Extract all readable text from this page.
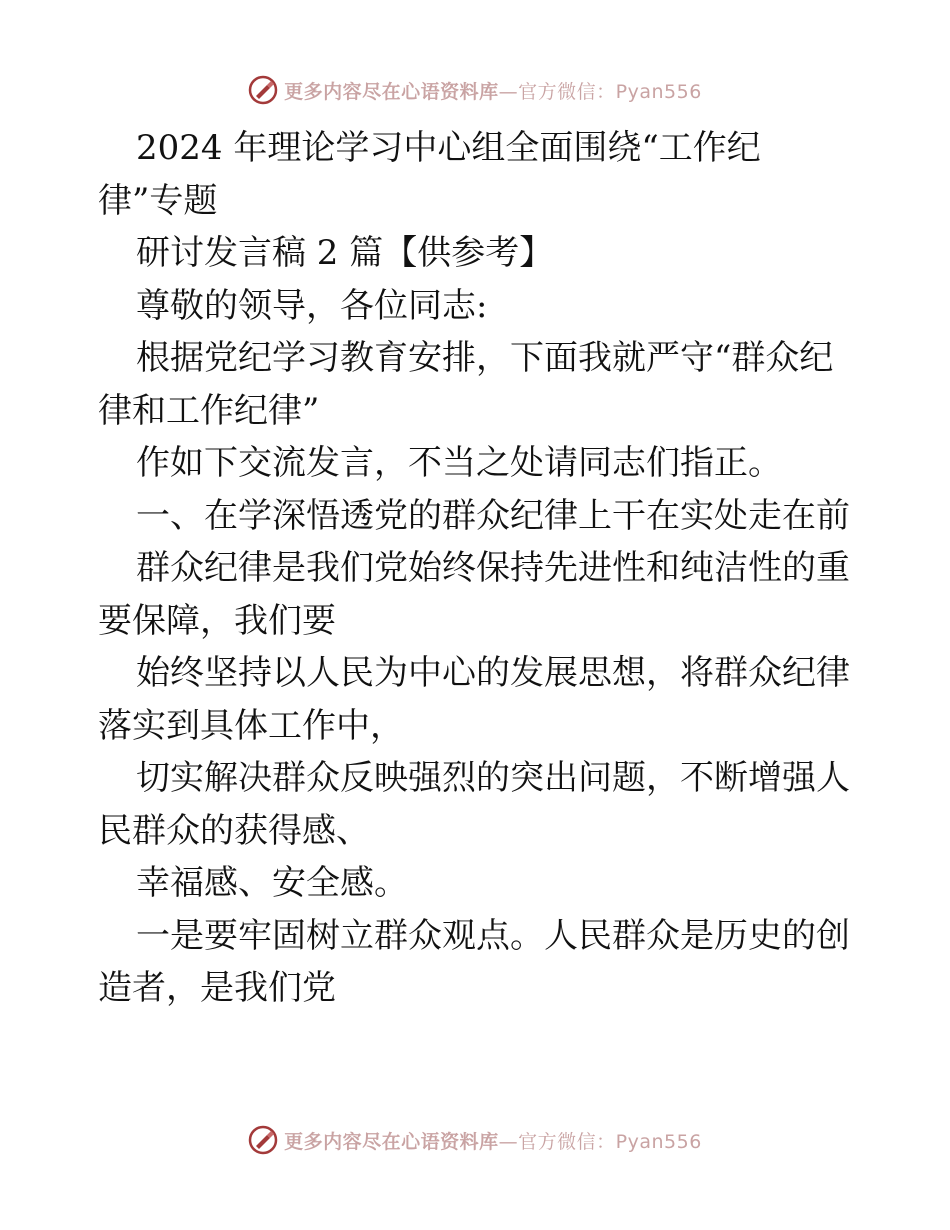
更多内容尽在心语资料库 —官方微信：Pyan556
2024 年理论学习中心组全面围绕“工作纪
律”专题
研讨发言稿 2 篇【供参考】
尊敬的领导，各位同志:
根据党纪学习教育安排，下面我就严守“群众纪
律和工作纪律”
作如下交流发言，不当之处请同志们指正。
一、在学深悟透党的群众纪律上干在实处走在前
群众纪律是我们党始终保持先进性和纯洁性的重
要保障，我们要
始终坚持以人民为中心的发展思想，将群众纪律
落实到具体工作中，
切实解决群众反映强烈的突出问题，不断增强人
民群众的获得感、
幸福感、安全感。
一是要牢固树立群众观点。人民群众是历史的创
造者，是我们党
更多内容尽在心语资料库 —官方微信：Pyan556
